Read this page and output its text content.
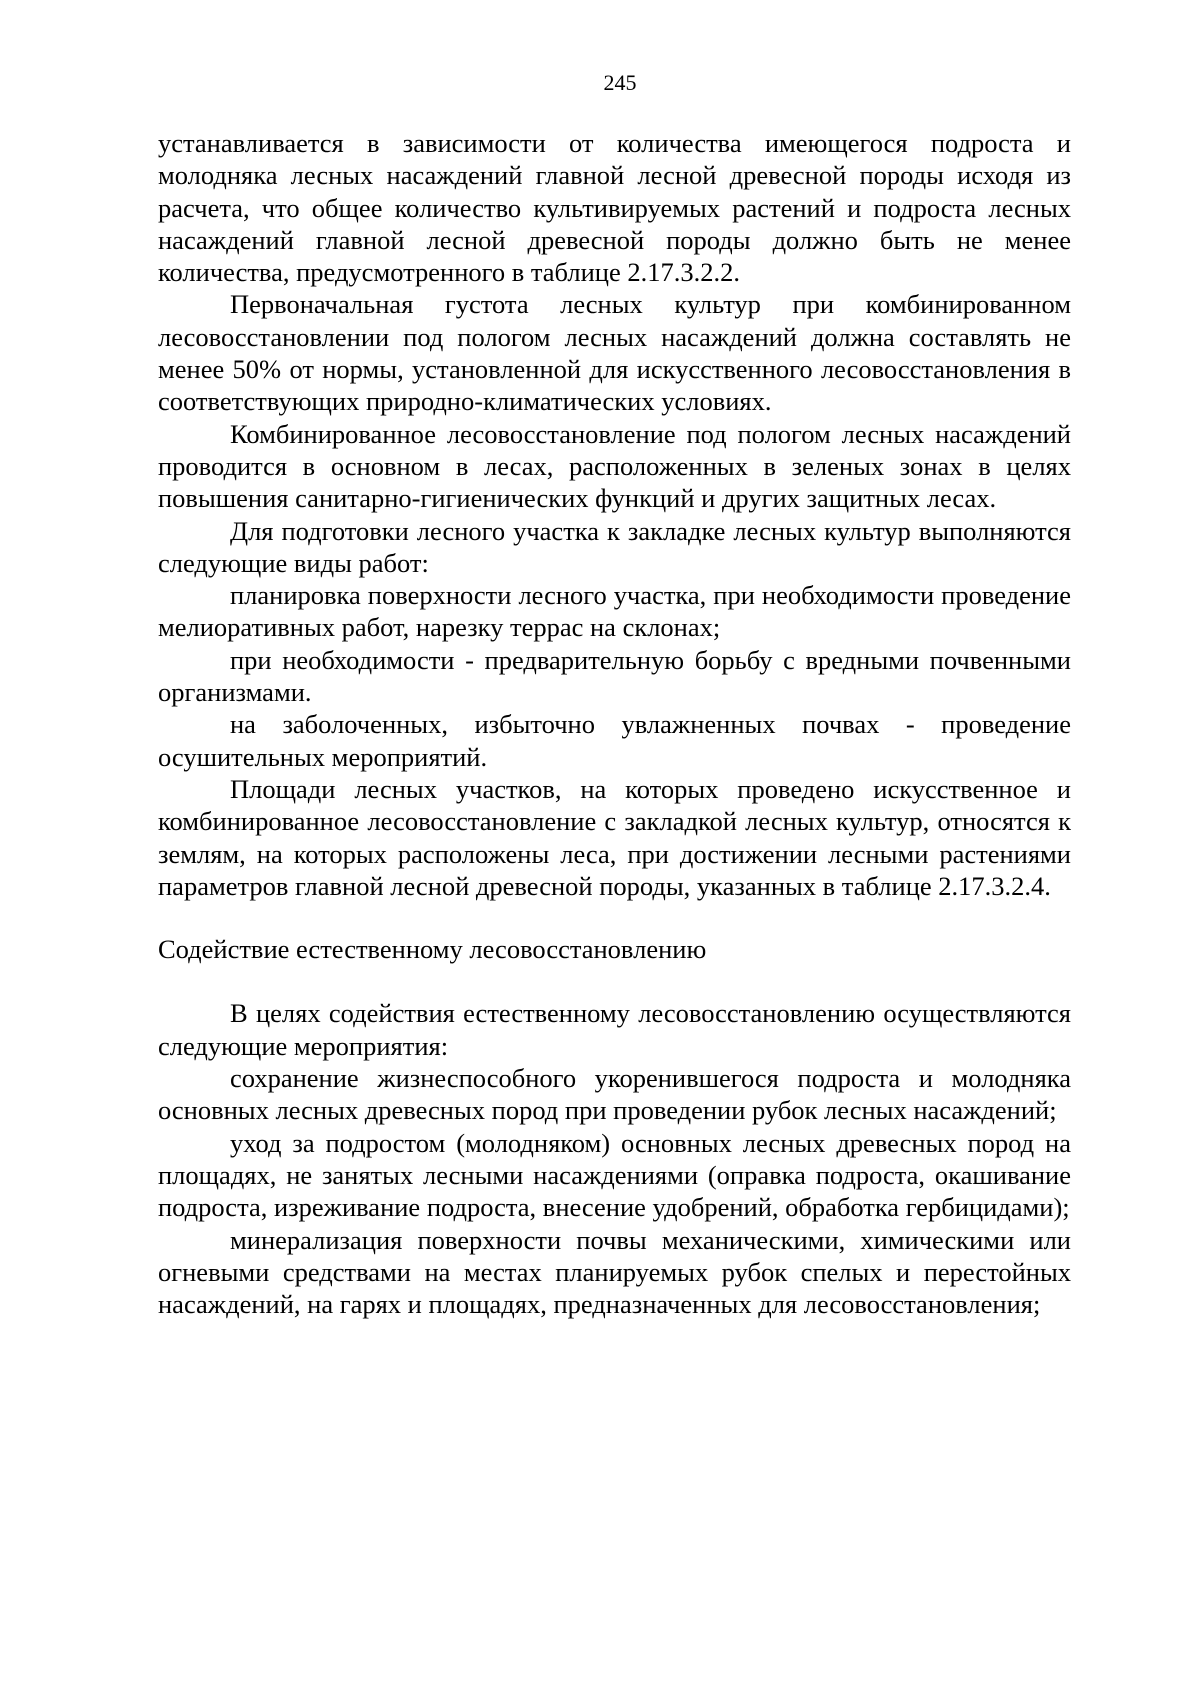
245

устанавливается в зависимости от количества имеющегося подроста и молодняка лесных насаждений главной лесной древесной породы исходя из расчета, что общее количество культивируемых растений и подроста лесных насаждений главной лесной древесной породы должно быть не менее количества, предусмотренного в таблице 2.17.3.2.2.

Первоначальная густота лесных культур при комбинированном лесовосстановлении под пологом лесных насаждений должна составлять не менее 50% от нормы, установленной для искусственного лесовосстановления в соответствующих природно-климатических условиях.

Комбинированное лесовосстановление под пологом лесных насаждений проводится в основном в лесах, расположенных в зеленых зонах в целях повышения санитарно-гигиенических функций и других защитных лесах.

Для подготовки лесного участка к закладке лесных культур выполняются следующие виды работ:

планировка поверхности лесного участка, при необходимости проведение мелиоративных работ, нарезку террас на склонах;

при необходимости - предварительную борьбу с вредными почвенными организмами.

на заболоченных, избыточно увлажненных почвах - проведение осушительных мероприятий.

Площади лесных участков, на которых проведено искусственное и комбинированное лесовосстановление с закладкой лесных культур, относятся к землям, на которых расположены леса, при достижении лесными растениями параметров главной лесной древесной породы, указанных в таблице 2.17.3.2.4.

Содействие естественному лесовосстановлению

В целях содействия естественному лесовосстановлению осуществляются следующие мероприятия:

сохранение жизнеспособного укоренившегося подроста и молодняка основных лесных древесных пород при проведении рубок лесных насаждений;

уход за подростом (молодняком) основных лесных древесных пород на площадях, не занятых лесными насаждениями (оправка подроста, окашивание подроста, изреживание подроста, внесение удобрений, обработка гербицидами);

минерализация поверхности почвы механическими, химическими или огневыми средствами на местах планируемых рубок спелых и перестойных насаждений, на гарях и площадях, предназначенных для лесовосстановления;
